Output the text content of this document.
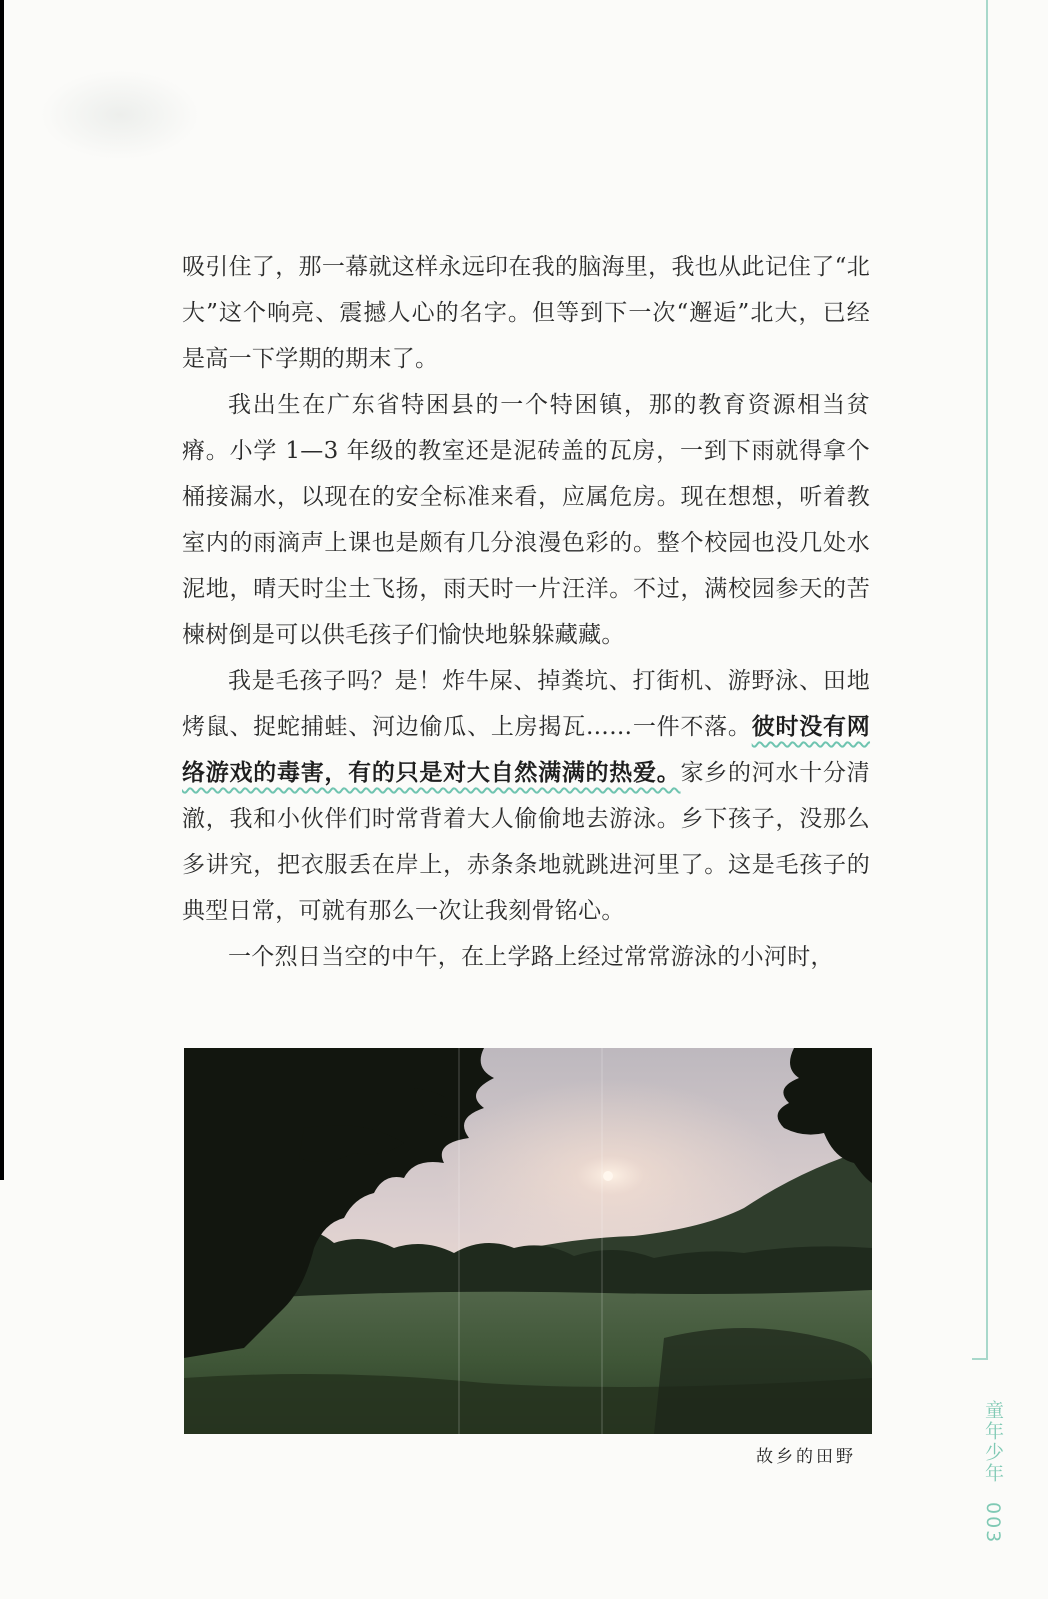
吸引住了，那一幕就这样永远印在我的脑海里，我也从此记住了“北大”这个响亮、震撼人心的名字。但等到下一次“邂逅”北大，已经是高一下学期的期末了。

我出生在广东省特困县的一个特困镇，那的教育资源相当贫瘠。小学 1—3 年级的教室还是泥砖盖的瓦房，一到下雨就得拿个桶接漏水，以现在的安全标准来看，应属危房。现在想想，听着教室内的雨滴声上课也是颇有几分浪漫色彩的。整个校园也没几处水泥地，晴天时尘土飞扬，雨天时一片汪洋。不过，满校园参天的苦楝树倒是可以供毛孩子们愉快地躲躲藏藏。

我是毛孩子吗？是！炸牛屎、掉粪坑、打街机、游野泳、田地烤鼠、捉蛇捕蛙、河边偷瓜、上房揭瓦……一件不落。彼时没有网络游戏的毒害，有的只是对大自然满满的热爱。家乡的河水十分清澈，我和小伙伴们时常背着大人偷偷地去游泳。乡下孩子，没那么多讲究，把衣服丢在岸上，赤条条地就跳进河里了。这是毛孩子的典型日常，可就有那么一次让我刻骨铭心。

一个烈日当空的中午，在上学路上经过常常游泳的小河时，

故乡的田野	童年少年 003
